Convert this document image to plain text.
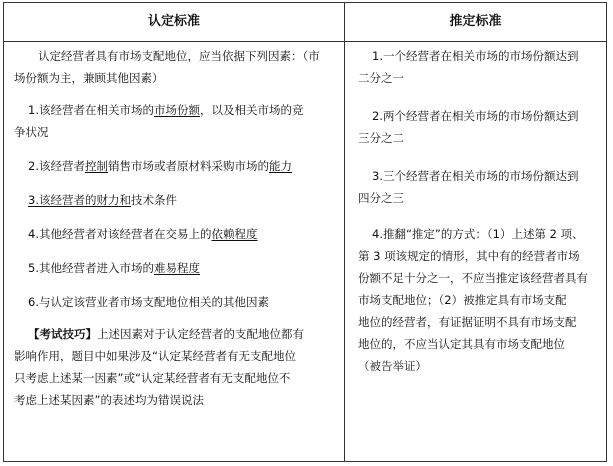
认定标准	推定标准
认定经营者具有市场支配地位，应当依据下列因素：（市
场份额为主，兼顾其他因素）
1.该经营者在相关市场的市场份额，以及相关市场的竞
争状况
2.该经营者控制销售市场或者原材料采购市场的能力
3.该经营者的财力和技术条件
4.其他经营者对该经营者在交易上的依赖程度
5.其他经营者进入市场的难易程度
6.与认定该营业者市场支配地位相关的其他因素
【考试技巧】上述因素对于认定经营者的支配地位都有
影响作用，题目中如果涉及“认定某经营者有无支配地位
只考虑上述某一因素”或“认定某经营者有无支配地位不
考虑上述某因素”的表述均为错误说法
1.一个经营者在相关市场的市场份额达到
二分之一
2.两个经营者在相关市场的市场份额达到
三分之二
3.三个经营者在相关市场的市场份额达到
四分之三
4.推翻“推定”的方式：（1）上述第 2 项、
第 3 项该规定的情形，其中有的经营者市场
份额不足十分之一，不应当推定该经营者具有
市场支配地位；（2）被推定具有市场支配
地位的经营者，有证据证明不具有市场支配
地位的，不应当认定其具有市场支配地位
（被告举证）
